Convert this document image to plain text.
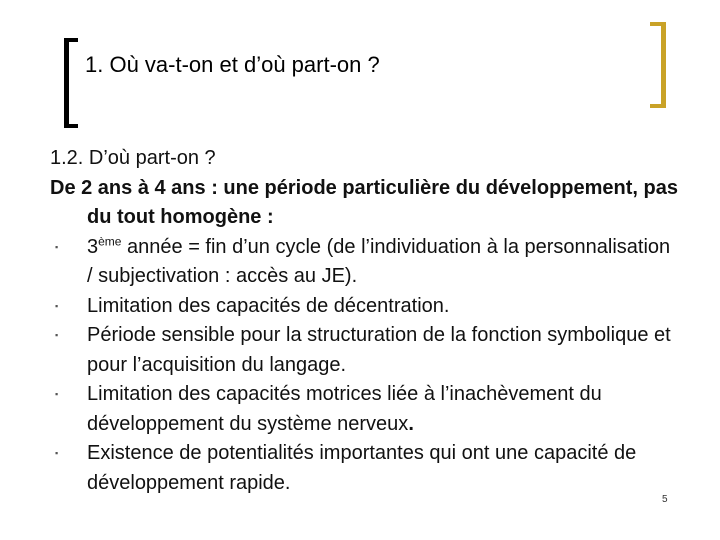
1. Où va-t-on et d’où part-on ?

1.2. D’où part-on ?

De 2 ans à 4 ans : une période particulière du développement, pas du tout homogène :

▪ 3ème année = fin d’un cycle (de l’individuation à la personnalisation / subjectivation : accès au JE).
▪ Limitation des capacités de décentration.
▪ Période sensible pour la structuration de la fonction symbolique et pour l’acquisition du langage.
▪ Limitation des capacités motrices liée à l’inachèvement du développement du système nerveux.
▪ Existence de potentialités importantes qui ont une capacité de développement rapide.
5
